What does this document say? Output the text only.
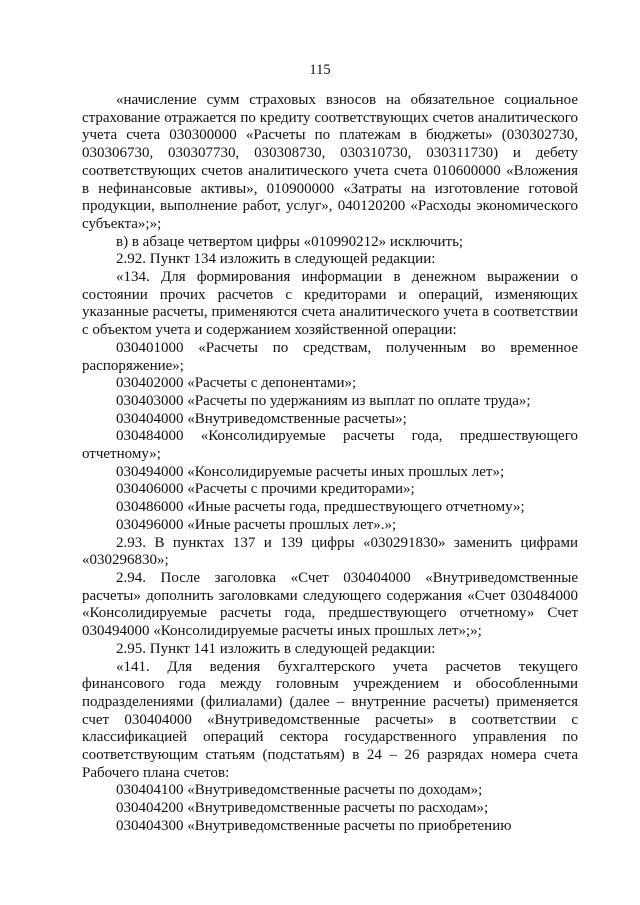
115

«начисление сумм страховых взносов на обязательное социальное страхование отражается по кредиту соответствующих счетов аналитического учета счета 030300000 «Расчеты по платежам в бюджеты» (030302730, 030306730, 030307730, 030308730, 030310730, 030311730) и дебету соответствующих счетов аналитического учета счета 010600000 «Вложения в нефинансовые активы», 010900000 «Затраты на изготовление готовой продукции, выполнение работ, услуг», 040120200 «Расходы экономического субъекта»;»;

в) в абзаце четвертом цифры «010990212» исключить;

2.92. Пункт 134 изложить в следующей редакции:

«134. Для формирования информации в денежном выражении о состоянии прочих расчетов с кредиторами и операций, изменяющих указанные расчеты, применяются счета аналитического учета в соответствии с объектом учета и содержанием хозяйственной операции:

030401000 «Расчеты по средствам, полученным во временное распоряжение»;

030402000 «Расчеты с депонентами»;

030403000 «Расчеты по удержаниям из выплат по оплате труда»;

030404000 «Внутриведомственные расчеты»;

030484000 «Консолидируемые расчеты года, предшествующего отчетному»;

030494000 «Консолидируемые расчеты иных прошлых лет»;

030406000 «Расчеты с прочими кредиторами»;

030486000 «Иные расчеты года, предшествующего отчетному»;

030496000 «Иные расчеты прошлых лет».»;

2.93. В пунктах 137 и 139 цифры «030291830» заменить цифрами «030296830»;

2.94. После заголовка «Счет 030404000 «Внутриведомственные расчеты» дополнить заголовками следующего содержания «Счет 030484000 «Консолидируемые расчеты года, предшествующего отчетному» Счет 030494000 «Консолидируемые расчеты иных прошлых лет»;»;

2.95. Пункт 141 изложить в следующей редакции:

«141. Для ведения бухгалтерского учета расчетов текущего финансового года между головным учреждением и обособленными подразделениями (филиалами) (далее – внутренние расчеты) применяется счет 030404000 «Внутриведомственные расчеты» в соответствии с классификацией операций сектора государственного управления по соответствующим статьям (подстатьям) в 24 – 26 разрядах номера счета Рабочего плана счетов:

030404100 «Внутриведомственные расчеты по доходам»;

030404200 «Внутриведомственные расчеты по расходам»;

030404300 «Внутриведомственные расчеты по приобретению
